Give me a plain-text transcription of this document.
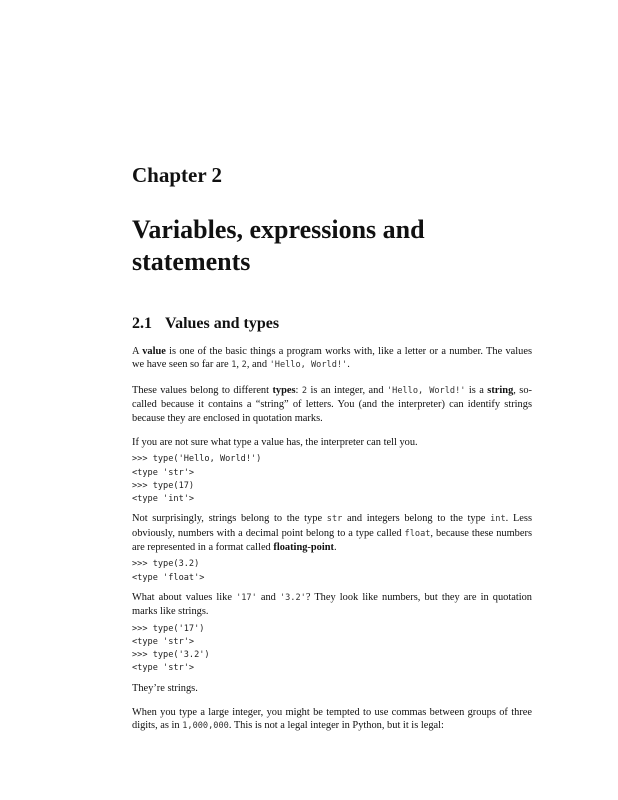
Chapter 2
Variables, expressions and
statements
2.1 Values and types

A value is one of the basic things a program works with, like a letter or a number. The values we have seen so far are 1, 2, and 'Hello, World!'.

These values belong to different types: 2 is an integer, and 'Hello, World!' is a string, so-called because it contains a “string” of letters. You (and the interpreter) can identify strings because they are enclosed in quotation marks.

If you are not sure what type a value has, the interpreter can tell you.

>>> type('Hello, World!')
<type 'str'>
>>> type(17)
<type 'int'>

Not surprisingly, strings belong to the type str and integers belong to the type int. Less obviously, numbers with a decimal point belong to a type called float, because these numbers are represented in a format called floating-point.

>>> type(3.2)
<type 'float'>

What about values like '17' and '3.2'? They look like numbers, but they are in quotation marks like strings.

>>> type('17')
<type 'str'>
>>> type('3.2')
<type 'str'>

They’re strings.

When you type a large integer, you might be tempted to use commas between groups of three digits, as in 1,000,000. This is not a legal integer in Python, but it is legal:
